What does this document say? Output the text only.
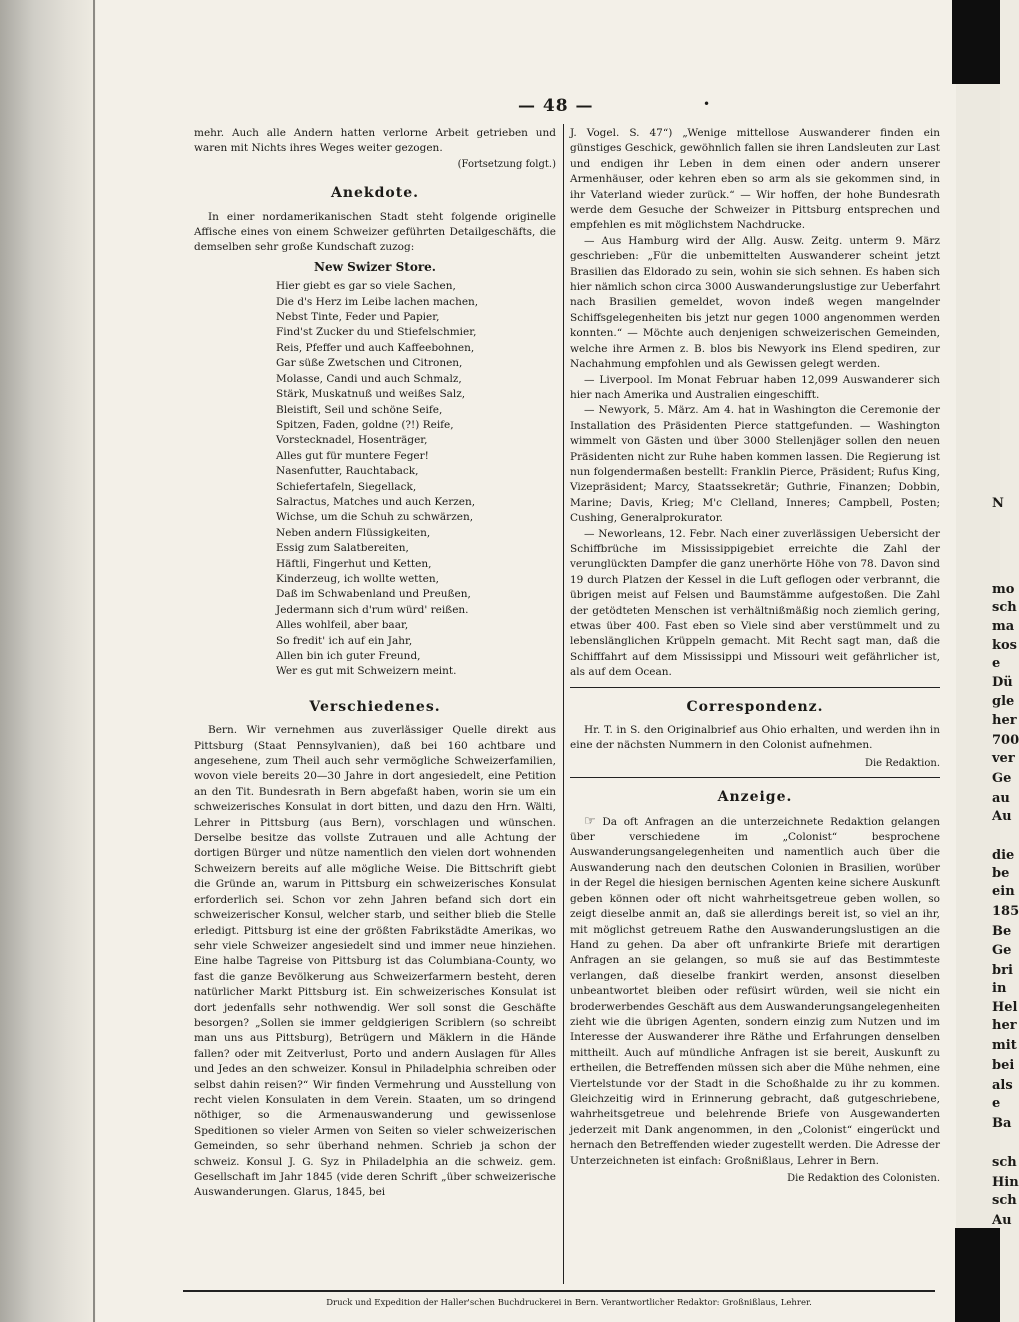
N
mo
sch
ma
kos
e
Dü
gle
her
700
ver
Ge
au
Au
die
be
ein
185
Be
Ge
bri
in
Hel
her
mit
bei
als
e
Ba
sch
Hin
sch
Au
— 48 —	•

mehr. Auch alle Andern hatten verlorne Arbeit getrieben und waren mit Nichts ihres Weges weiter gezogen.

(Fortsetzung folgt.)
Anekdote.

In einer nordamerikanischen Stadt steht folgende originelle Affische eines von einem Schweizer geführten Detailgeschäfts, die demselben sehr große Kundschaft zuzog:

New Swizer Store.
Hier giebt es gar so viele Sachen,
Die d's Herz im Leibe lachen machen,
Nebst Tinte, Feder und Papier,
Find'st Zucker du und Stiefelschmier,
Reis, Pfeffer und auch Kaffeebohnen,
Gar süße Zwetschen und Citronen,
Molasse, Candi und auch Schmalz,
Stärk, Muskatnuß und weißes Salz,
Bleistift, Seil und schöne Seife,
Spitzen, Faden, goldne (?!) Reife,
Vorstecknadel, Hosenträger,
Alles gut für muntere Feger!
Nasenfutter, Rauchtaback,
Schiefertafeln, Siegellack,
Salractus, Matches und auch Kerzen,
Wichse, um die Schuh zu schwärzen,
Neben andern Flüssigkeiten,
Essig zum Salatbereiten,
Häftli, Fingerhut und Ketten,
Kinderzeug, ich wollte wetten,
Daß im Schwabenland und Preußen,
Jedermann sich d'rum würd' reißen.
Alles wohlfeil, aber baar,
So fredit' ich auf ein Jahr,
Allen bin ich guter Freund,
Wer es gut mit Schweizern meint.
Verschiedenes.

Bern. Wir vernehmen aus zuverlässiger Quelle direkt aus Pittsburg (Staat Pennsylvanien), daß bei 160 achtbare und angesehene, zum Theil auch sehr vermögliche Schweizerfamilien, wovon viele bereits 20—30 Jahre in dort angesiedelt, eine Petition an den Tit. Bundesrath in Bern abgefaßt haben, worin sie um ein schweizerisches Konsulat in dort bitten, und dazu den Hrn. Wälti, Lehrer in Pittsburg (aus Bern), vorschlagen und wünschen. Derselbe besitze das vollste Zutrauen und alle Achtung der dortigen Bürger und nütze namentlich den vielen dort wohnenden Schweizern bereits auf alle mögliche Weise. Die Bittschrift giebt die Gründe an, warum in Pittsburg ein schweizerisches Konsulat erforderlich sei. Schon vor zehn Jahren befand sich dort ein schweizerischer Konsul, welcher starb, und seither blieb die Stelle erledigt. Pittsburg ist eine der größten Fabrikstädte Amerikas, wo sehr viele Schweizer angesiedelt sind und immer neue hinziehen. Eine halbe Tagreise von Pittsburg ist das Columbiana-County, wo fast die ganze Bevölkerung aus Schweizerfarmern besteht, deren natürlicher Markt Pittsburg ist. Ein schweizerisches Konsulat ist dort jedenfalls sehr nothwendig. Wer soll sonst die Geschäfte besorgen? „Sollen sie immer geldgierigen Scriblern (so schreibt man uns aus Pittsburg), Betrügern und Mäklern in die Hände fallen? oder mit Zeitverlust, Porto und andern Auslagen für Alles und Jedes an den schweizer. Konsul in Philadelphia schreiben oder selbst dahin reisen?“ Wir finden Vermehrung und Ausstellung von recht vielen Konsulaten in dem Verein. Staaten, um so dringend nöthiger, so die Armenauswanderung und gewissenlose Speditionen so vieler Armen von Seiten so vieler schweizerischen Gemeinden, so sehr überhand nehmen. Schrieb ja schon der schweiz. Konsul J. G. Syz in Philadelphia an die schweiz. gem. Gesellschaft im Jahr 1845 (vide deren Schrift „über schweizerische Auswanderungen. Glarus, 1845, bei

J. Vogel. S. 47“) „Wenige mittellose Auswanderer finden ein günstiges Geschick, gewöhnlich fallen sie ihren Landsleuten zur Last und endigen ihr Leben in dem einen oder andern unserer Armenhäuser, oder kehren eben so arm als sie gekommen sind, in ihr Vaterland wieder zurück.“ — Wir hoffen, der hohe Bundesrath werde dem Gesuche der Schweizer in Pittsburg entsprechen und empfehlen es mit möglichstem Nachdrucke.

— Aus Hamburg wird der Allg. Ausw. Zeitg. unterm 9. März geschrieben: „Für die unbemittelten Auswanderer scheint jetzt Brasilien das Eldorado zu sein, wohin sie sich sehnen. Es haben sich hier nämlich schon circa 3000 Auswanderungslustige zur Ueberfahrt nach Brasilien gemeldet, wovon indeß wegen mangelnder Schiffsgelegenheiten bis jetzt nur gegen 1000 angenommen werden konnten.“ — Möchte auch denjenigen schweizerischen Gemeinden, welche ihre Armen z. B. blos bis Newyork ins Elend spediren, zur Nachahmung empfohlen und als Gewissen gelegt werden.

— Liverpool. Im Monat Februar haben 12,099 Auswanderer sich hier nach Amerika und Australien eingeschifft.

— Newyork, 5. März. Am 4. hat in Washington die Ceremonie der Installation des Präsidenten Pierce stattgefunden. — Washington wimmelt von Gästen und über 3000 Stellenjäger sollen den neuen Präsidenten nicht zur Ruhe haben kommen lassen. Die Regierung ist nun folgendermaßen bestellt: Franklin Pierce, Präsident; Rufus King, Vizepräsident; Marcy, Staatssekretär; Guthrie, Finanzen; Dobbin, Marine; Davis, Krieg; M'c Clelland, Inneres; Campbell, Posten; Cushing, Generalprokurator.

— Neworleans, 12. Febr. Nach einer zuverlässigen Uebersicht der Schiffbrüche im Mississippigebiet erreichte die Zahl der verunglückten Dampfer die ganz unerhörte Höhe von 78. Davon sind 19 durch Platzen der Kessel in die Luft geflogen oder verbrannt, die übrigen meist auf Felsen und Baumstämme aufgestoßen. Die Zahl der getödteten Menschen ist verhältnißmäßig noch ziemlich gering, etwas über 400. Fast eben so Viele sind aber verstümmelt und zu lebenslänglichen Krüppeln gemacht. Mit Recht sagt man, daß die Schifffahrt auf dem Mississippi und Missouri weit gefährlicher ist, als auf dem Ocean.

Correspondenz.

Hr. T. in S. den Originalbrief aus Ohio erhalten, und werden ihn in eine der nächsten Nummern in den Colonist aufnehmen.

Die Redaktion.
Anzeige.

☞ Da oft Anfragen an die unterzeichnete Redaktion gelangen über verschiedene im „Colonist“ besprochene Auswanderungsangelegenheiten und namentlich auch über die Auswanderung nach den deutschen Colonien in Brasilien, worüber in der Regel die hiesigen bernischen Agenten keine sichere Auskunft geben können oder oft nicht wahrheitsgetreue geben wollen, so zeigt dieselbe anmit an, daß sie allerdings bereit ist, so viel an ihr, mit möglichst getreuem Rathe den Auswanderungslustigen an die Hand zu gehen. Da aber oft unfrankirte Briefe mit derartigen Anfragen an sie gelangen, so muß sie auf das Bestimmteste verlangen, daß dieselbe frankirt werden, ansonst dieselben unbeantwortet bleiben oder refüsirt würden, weil sie nicht ein broderwerbendes Geschäft aus dem Auswanderungsangelegenheiten zieht wie die übrigen Agenten, sondern einzig zum Nutzen und im Interesse der Auswanderer ihre Räthe und Erfahrungen denselben mittheilt. Auch auf mündliche Anfragen ist sie bereit, Auskunft zu ertheilen, die Betreffenden müssen sich aber die Mühe nehmen, eine Viertelstunde vor der Stadt in die Schoßhalde zu ihr zu kommen. Gleichzeitig wird in Erinnerung gebracht, daß gutgeschriebene, wahrheitsgetreue und belehrende Briefe von Ausgewanderten jederzeit mit Dank angenommen, in den „Colonist“ eingerückt und hernach den Betreffenden wieder zugestellt werden. Die Adresse der Unterzeichneten ist einfach: Großnißlaus, Lehrer in Bern.

Die Redaktion des Colonisten.
Druck und Expedition der Haller'schen Buchdruckerei in Bern. Verantwortlicher Redaktor: Großnißlaus, Lehrer.
